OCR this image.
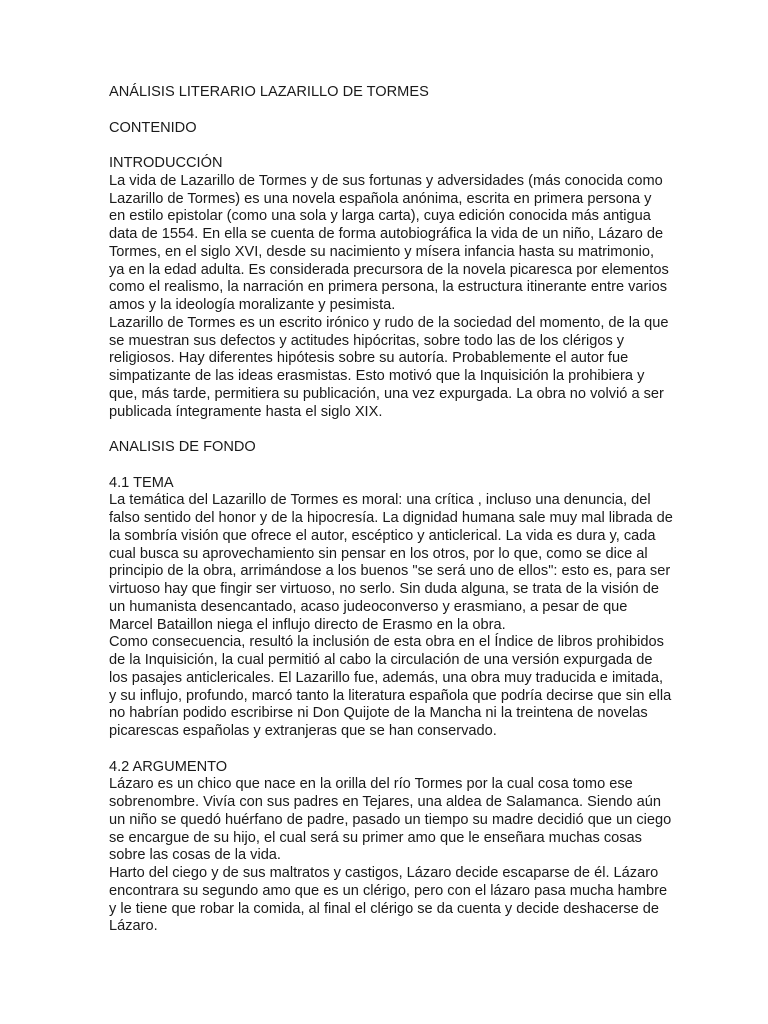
ANÁLISIS LITERARIO LAZARILLO DE TORMES
CONTENIDO
INTRODUCCIÓN
La vida de Lazarillo de Tormes y de sus fortunas y adversidades (más conocida como
Lazarillo de Tormes) es una novela española anónima, escrita en primera persona y
en estilo epistolar (como una sola y larga carta), cuya edición conocida más antigua
data de 1554. En ella se cuenta de forma autobiográfica la vida de un niño, Lázaro de
Tormes, en el siglo XVI, desde su nacimiento y mísera infancia hasta su matrimonio,
ya en la edad adulta. Es considerada precursora de la novela picaresca por elementos
como el realismo, la narración en primera persona, la estructura itinerante entre varios
amos y la ideología moralizante y pesimista.
Lazarillo de Tormes es un escrito irónico y rudo de la sociedad del momento, de la que
se muestran sus defectos y actitudes hipócritas, sobre todo las de los clérigos y
religiosos. Hay diferentes hipótesis sobre su autoría. Probablemente el autor fue
simpatizante de las ideas erasmistas. Esto motivó que la Inquisición la prohibiera y
que, más tarde, permitiera su publicación, una vez expurgada. La obra no volvió a ser
publicada íntegramente hasta el siglo XIX.
ANALISIS DE FONDO
4.1 TEMA
La temática del Lazarillo de Tormes es moral: una crítica , incluso una denuncia, del
falso sentido del honor y de la hipocresía. La dignidad humana sale muy mal librada de
la sombría visión que ofrece el autor, escéptico y anticlerical. La vida es dura y, cada
cual busca su aprovechamiento sin pensar en los otros, por lo que, como se dice al
principio de la obra, arrimándose a los buenos "se será uno de ellos": esto es, para ser
virtuoso hay que fingir ser virtuoso, no serlo. Sin duda alguna, se trata de la visión de
un humanista desencantado, acaso judeoconverso y erasmiano, a pesar de que
Marcel Bataillon niega el influjo directo de Erasmo en la obra.
Como consecuencia, resultó la inclusión de esta obra en el Índice de libros prohibidos
de la Inquisición, la cual permitió al cabo la circulación de una versión expurgada de
los pasajes anticlericales. El Lazarillo fue, además, una obra muy traducida e imitada,
y su influjo, profundo, marcó tanto la literatura española que podría decirse que sin ella
no habrían podido escribirse ni Don Quijote de la Mancha ni la treintena de novelas
picarescas españolas y extranjeras que se han conservado.
4.2 ARGUMENTO
Lázaro es un chico que nace en la orilla del río Tormes por la cual cosa tomo ese
sobrenombre. Vivía con sus padres en Tejares, una aldea de Salamanca. Siendo aún
un niño se quedó huérfano de padre, pasado un tiempo su madre decidió que un ciego
se encargue de su hijo, el cual será su primer amo que le enseñara muchas cosas
sobre las cosas de la vida.
Harto del ciego y de sus maltratos y castigos, Lázaro decide escaparse de él. Lázaro
encontrara su segundo amo que es un clérigo, pero con el lázaro pasa mucha hambre
y le tiene que robar la comida, al final el clérigo se da cuenta y decide deshacerse de
Lázaro.
